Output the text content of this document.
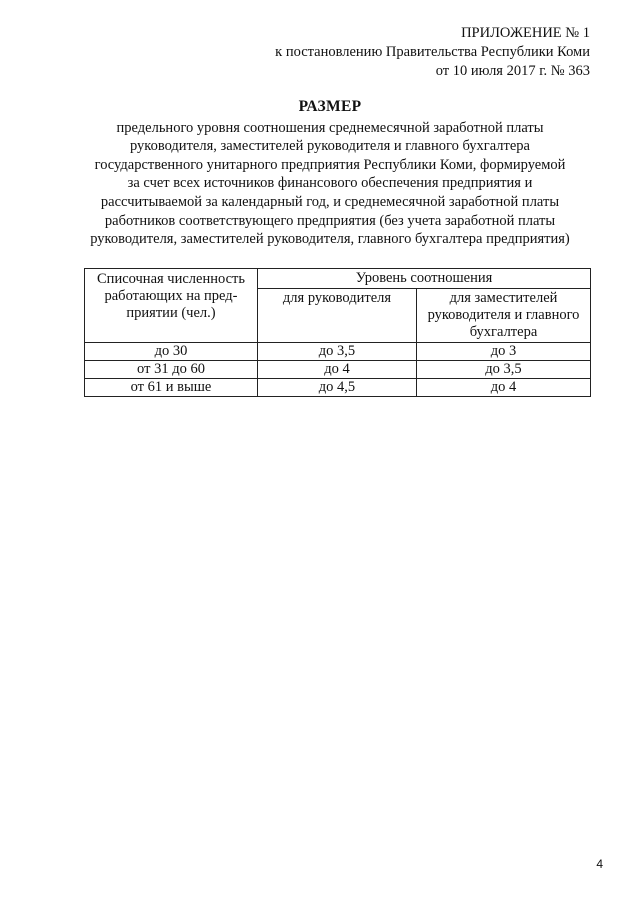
ПРИЛОЖЕНИЕ № 1
к постановлению Правительства Республики Коми
от 10 июля 2017 г. № 363
РАЗМЕР
предельного уровня соотношения среднемесячной заработной платы
руководителя, заместителей руководителя и главного бухгалтера
государственного унитарного предприятия Республики Коми, формируемой
за счет всех источников финансового обеспечения предприятия и
рассчитываемой за календарный год, и среднемесячной заработной платы
работников соответствующего предприятия (без учета заработной платы
руководителя, заместителей руководителя, главного бухгалтера предприятия)
Списочная численность
работающих на пред-
приятии (чел.)	Уровень соотношения	
	для руководителя	для заместителей
руководителя и главного
бухгалтера

до 30	до 3,5	до 3
от 31 до 60	до 4	до 3,5
от 61 и выше	до 4,5	до 4
4
